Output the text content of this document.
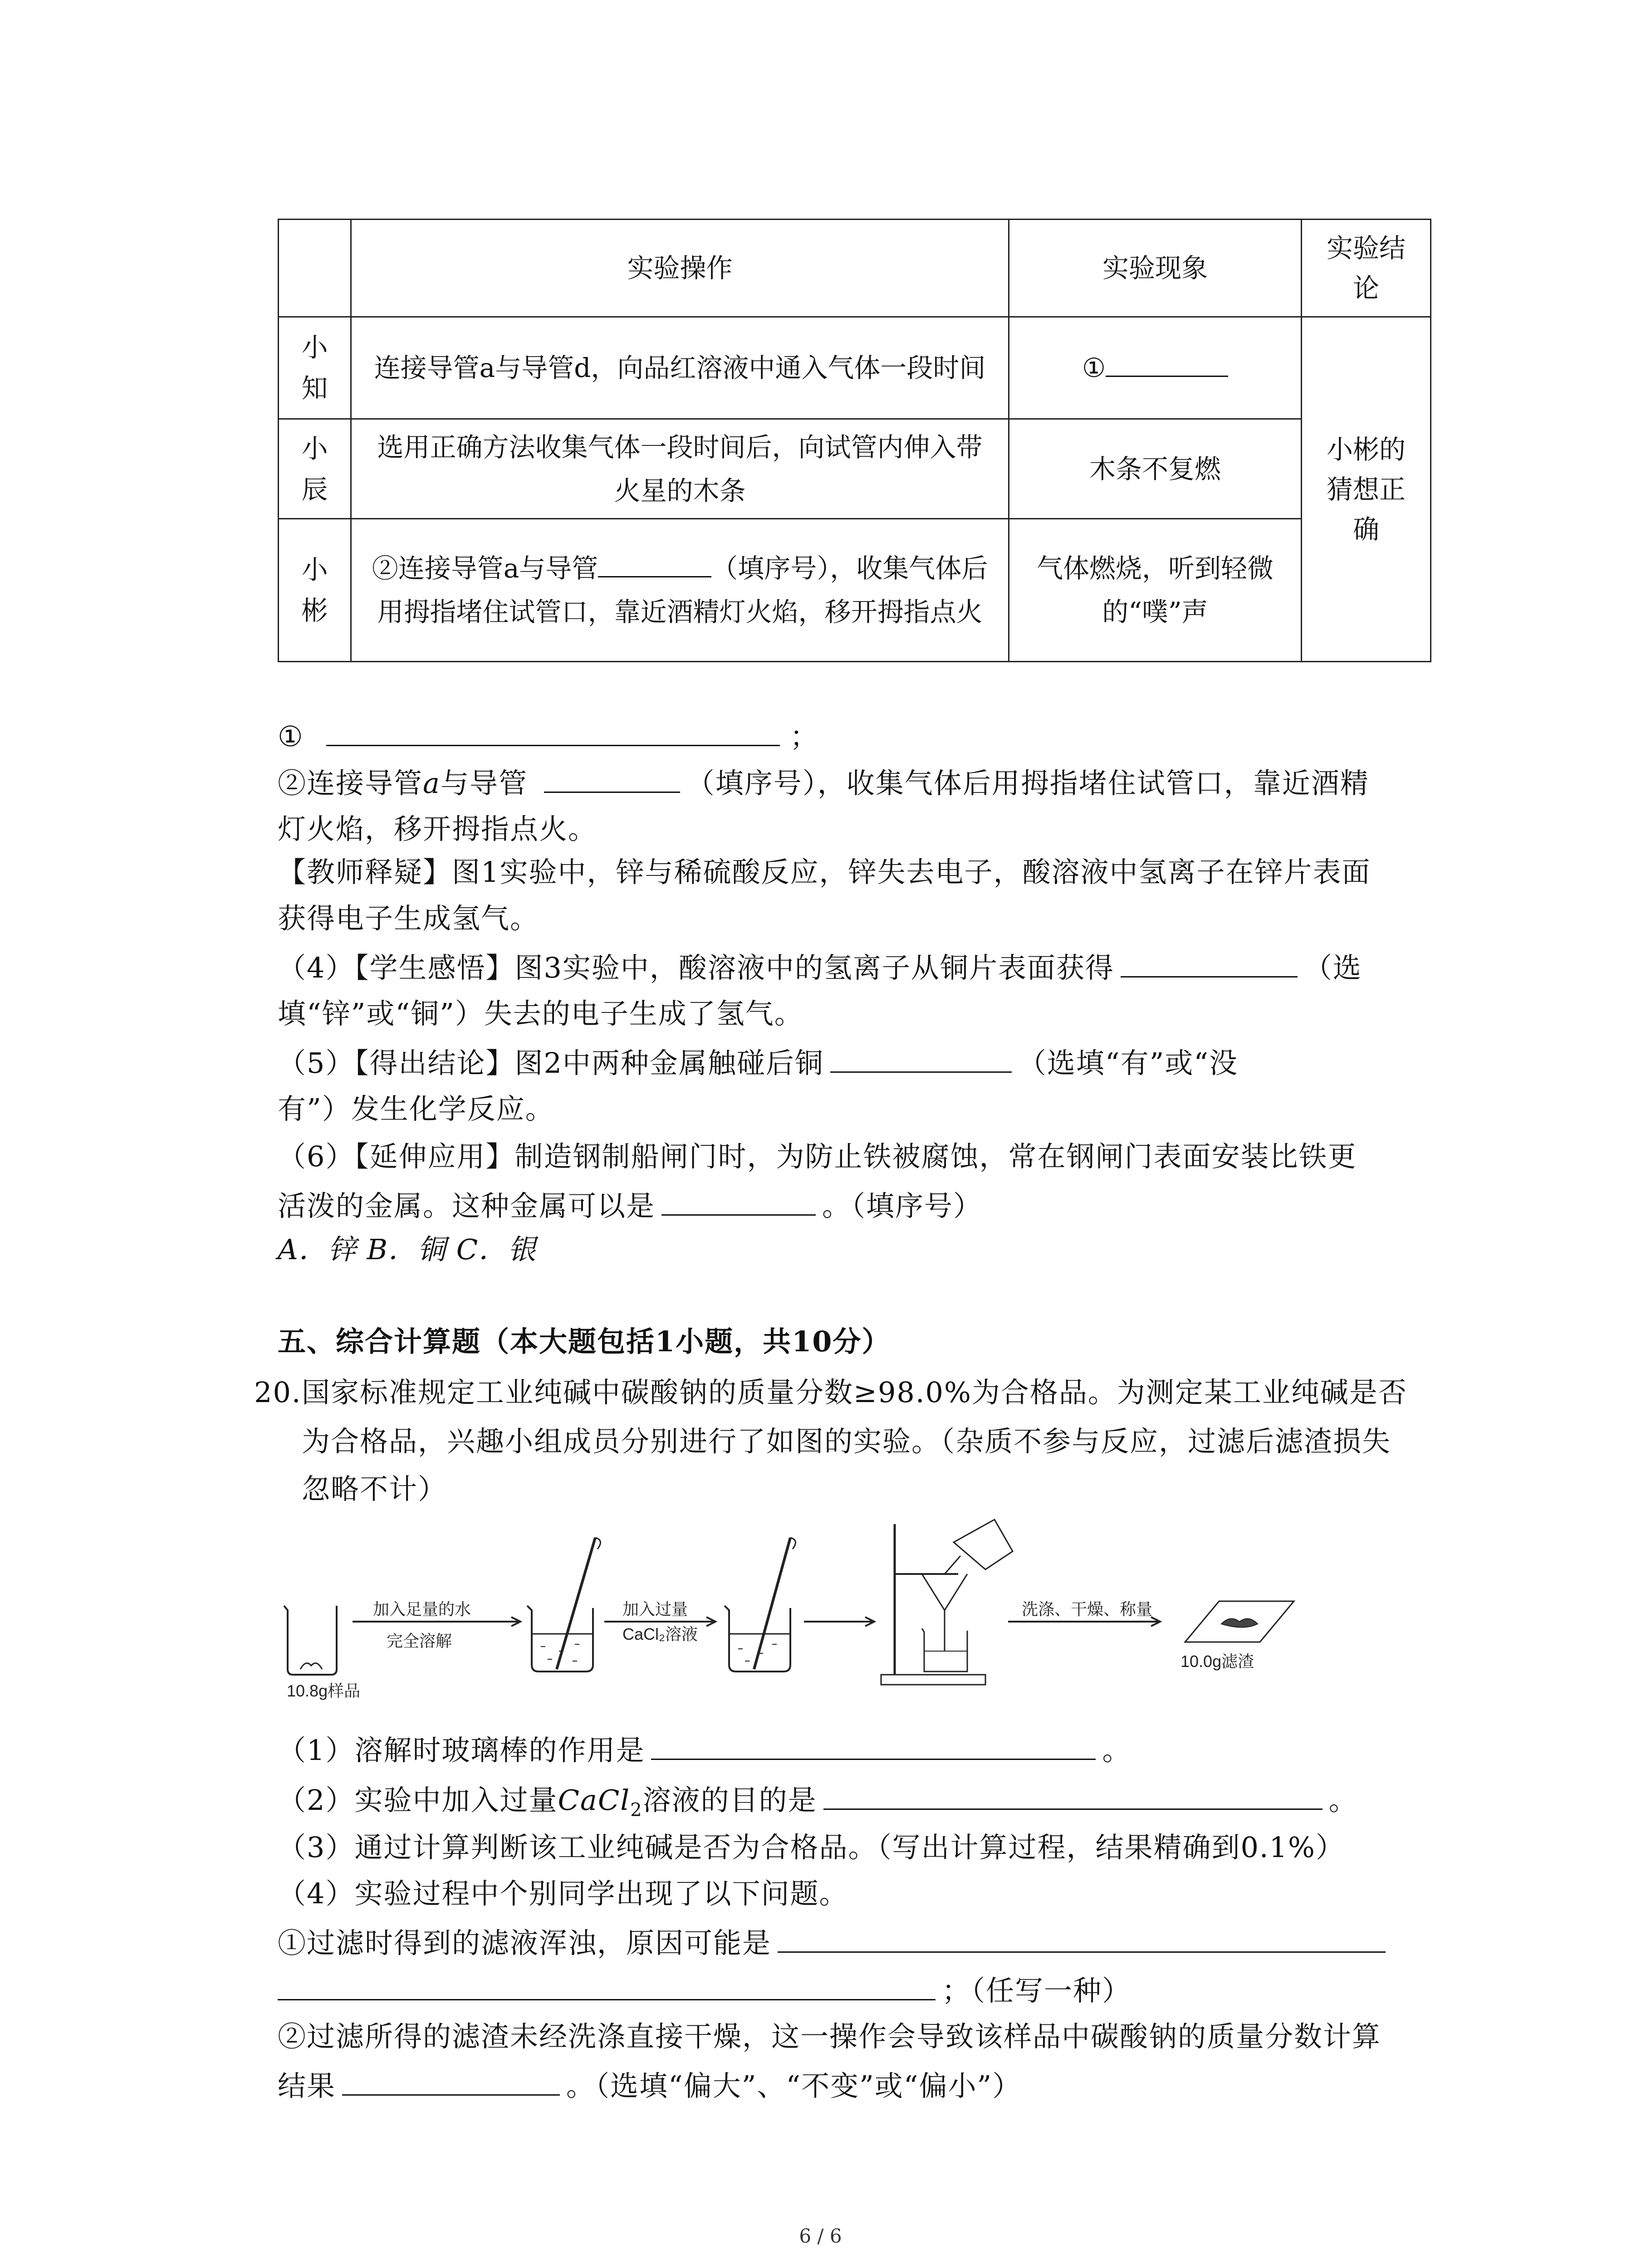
	实验操作	实验现象	实验结论
小知	连接导管a与导管d，向品红溶液中通入气体一段时间	①	小彬的猜想正确
小辰	选用正确方法收集气体一段时间后，向试管内伸入带火星的木条	木条不复燃	
小彬	②连接导管a与导管 （填序号），收集气体后用拇指堵住试管口，靠近酒精灯火焰，移开拇指点火	气体燃烧，听到轻微的“噗”声	
①	；
②连接导管a与导管	（填序号），收集气体后用拇指堵住试管口，靠近酒精
灯火焰，移开拇指点火。
【教师释疑】图1实验中，锌与稀硫酸反应，锌失去电子，酸溶液中氢离子在锌片表面
获得电子生成氢气。
（4）【学生感悟】图3实验中，酸溶液中的氢离子从铜片表面获得	（选
填“锌”或“铜”）失去的电子生成了氢气。
（5）【得出结论】图2中两种金属触碰后铜	（选填“有”或“没
有”）发生化学反应。
（6）【延伸应用】制造钢制船闸门时，为防止铁被腐蚀，常在钢闸门表面安装比铁更
活泼的金属。这种金属可以是	。（填序号）
A．锌 B．铜 C．银
五、综合计算题（本大题包括1小题，共10分）
20. 国家标准规定工业纯碱中碳酸钠的质量分数≥98.0%为合格品。为测定某工业纯碱是否
为合格品，兴趣小组成员分别进行了如图的实验。（杂质不参与反应，过滤后滤渣损失
忽略不计）
10.8g样品
加入足量的水
完全溶解
加入过量
CaCl₂溶液
洗涤、干燥、称量
10.0g滤渣
（1）溶解时玻璃棒的作用是	。
（2）实验中加入过量CaCl$_2$溶液的目的是	。
（3）通过计算判断该工业纯碱是否为合格品。（写出计算过程，结果精确到0.1%）
（4）实验过程中个别同学出现了以下问题。
①过滤时得到的滤液浑浊，原因可能是
；（任写一种）
②过滤所得的滤渣未经洗涤直接干燥，这一操作会导致该样品中碳酸钠的质量分数计算
结果	。（选填“偏大”、“不变”或“偏小”）
6 / 6
